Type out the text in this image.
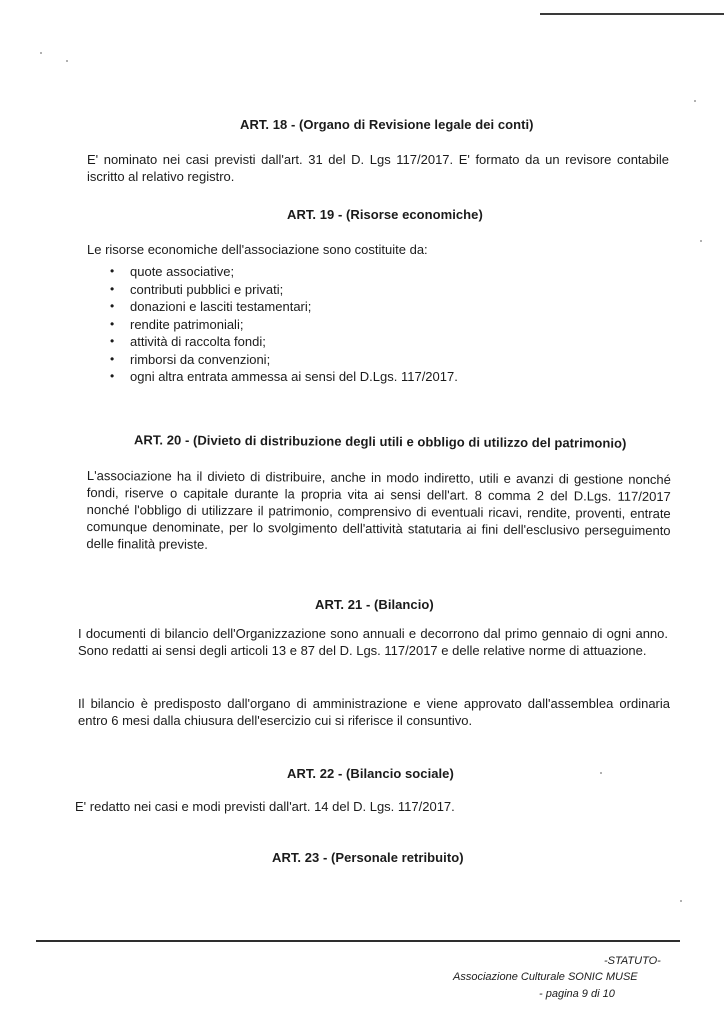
ART. 18 - (Organo di Revisione legale dei conti)

E' nominato nei casi previsti dall'art. 31 del D. Lgs 117/2017. E' formato da un revisore contabile iscritto al relativo registro.

ART. 19 - (Risorse economiche)

Le risorse economiche dell'associazione sono costituite da:

• quote associative;
• contributi pubblici e privati;
• donazioni e lasciti testamentari;
• rendite patrimoniali;
• attività di raccolta fondi;
• rimborsi da convenzioni;
• ogni altra entrata ammessa ai sensi del D.Lgs. 117/2017.
ART. 20 - (Divieto di distribuzione degli utili e obbligo di utilizzo del patrimonio)

L'associazione ha il divieto di distribuire, anche in modo indiretto, utili e avanzi di gestione nonché fondi, riserve o capitale durante la propria vita ai sensi dell'art. 8 comma 2 del D.Lgs. 117/2017 nonché l'obbligo di utilizzare il patrimonio, comprensivo di eventuali ricavi, rendite, proventi, entrate comunque denominate, per lo svolgimento dell'attività statutaria ai fini dell'esclusivo perseguimento delle finalità previste.

ART. 21 - (Bilancio)

I documenti di bilancio dell'Organizzazione sono annuali e decorrono dal primo gennaio di ogni anno. Sono redatti ai sensi degli articoli 13 e 87 del D. Lgs. 117/2017 e delle relative norme di attuazione.

Il bilancio è predisposto dall'organo di amministrazione e viene approvato dall'assemblea ordinaria entro 6 mesi dalla chiusura dell'esercizio cui si riferisce il consuntivo.

ART. 22 - (Bilancio sociale)

E' redatto nei casi e modi previsti dall'art. 14 del D. Lgs. 117/2017.

ART. 23 - (Personale retribuito)
-STATUTO-
Associazione Culturale SONIC MUSE
- pagina 9 di 10
